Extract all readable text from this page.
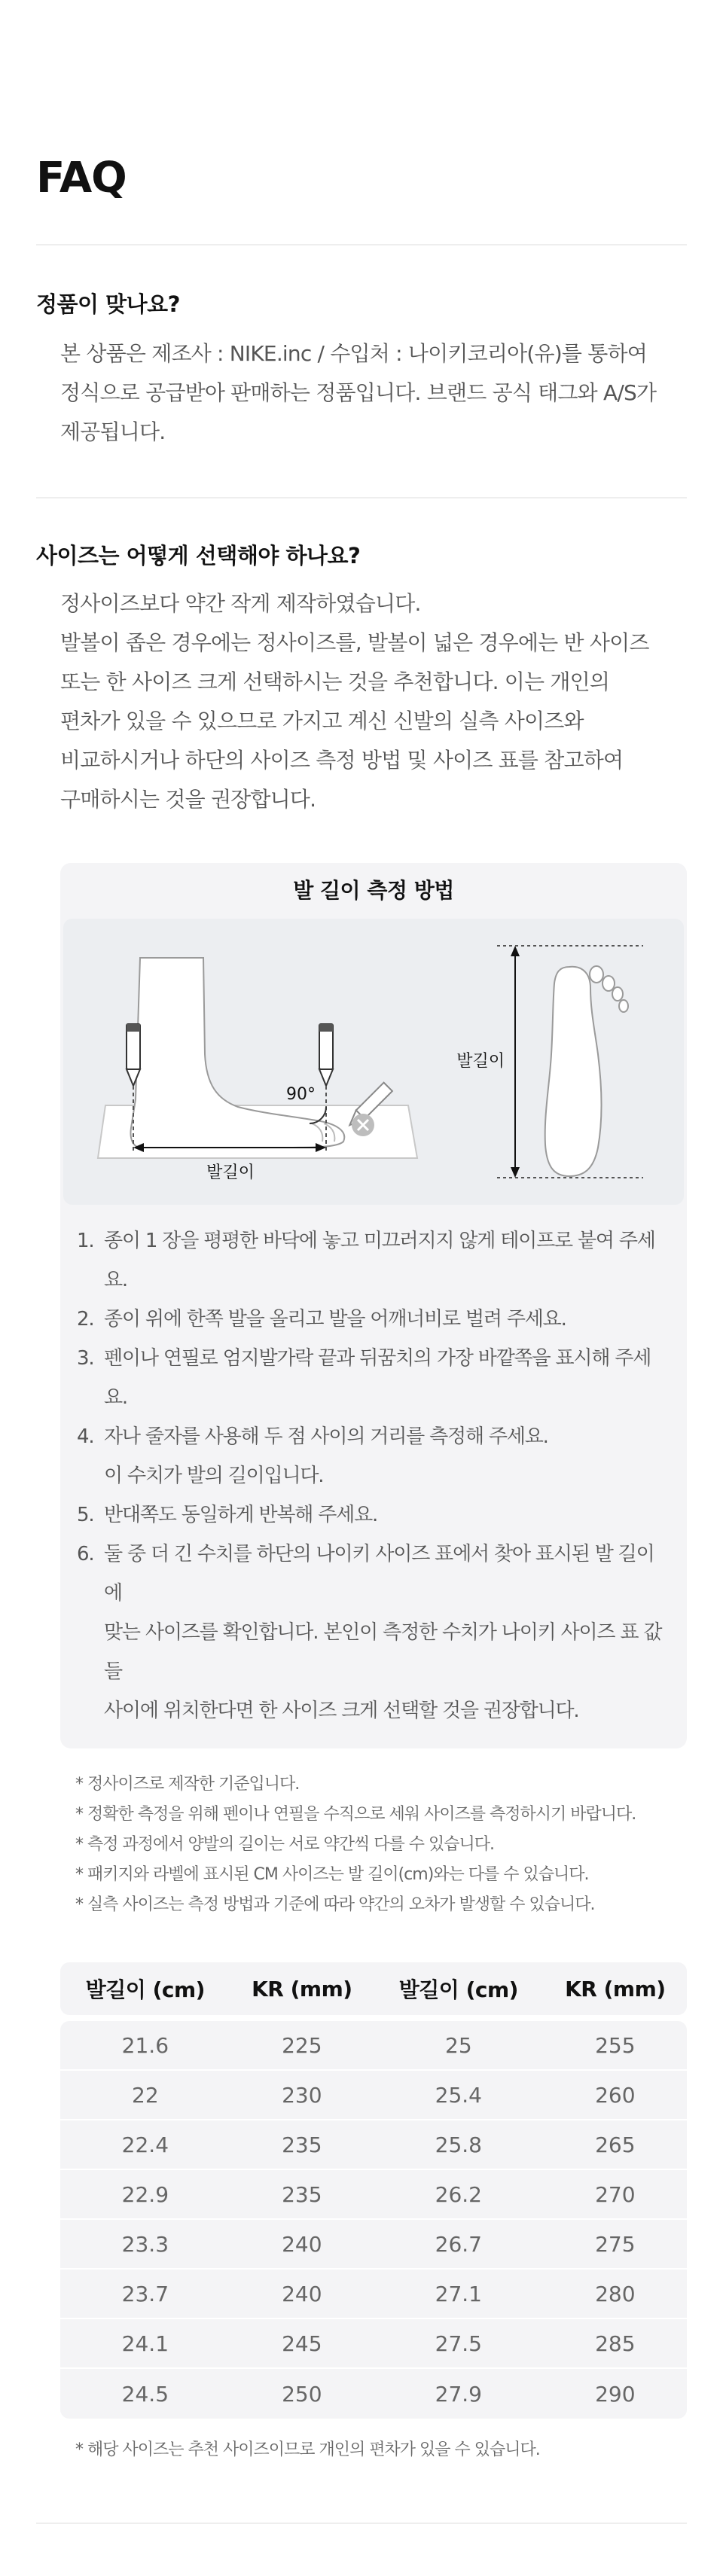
FAQ
정품이 맞나요?

본 상품은 제조사 : NIKE.inc / 수입처 : 나이키코리아(유)를 통하여

정식으로 공급받아 판매하는 정품입니다. 브랜드 공식 태그와 A/S가

제공됩니다.

사이즈는 어떻게 선택해야 하나요?

정사이즈보다 약간 작게 제작하였습니다.

발볼이 좁은 경우에는 정사이즈를, 발볼이 넓은 경우에는 반 사이즈

또는 한 사이즈 크게 선택하시는 것을 추천합니다. 이는 개인의

편차가 있을 수 있으므로 가지고 계신 신발의 실측 사이즈와

비교하시거나 하단의 사이즈 측정 방법 및 사이즈 표를 참고하여

구매하시는 것을 권장합니다.

발 길이 측정 방법
90°
발길이
발길이
1. 종이 1 장을 평평한 바닥에 놓고 미끄러지지 않게 테이프로 붙여 주세요.
2. 종이 위에 한쪽 발을 올리고 발을 어깨너비로 벌려 주세요.
3. 펜이나 연필로 엄지발가락 끝과 뒤꿈치의 가장 바깥쪽을 표시해 주세요.
4. 자나 줄자를 사용해 두 점 사이의 거리를 측정해 주세요.
이 수치가 발의 길이입니다.
5. 반대쪽도 동일하게 반복해 주세요.
6. 둘 중 더 긴 수치를 하단의 나이키 사이즈 표에서 찾아 표시된 발 길이에
맞는 사이즈를 확인합니다. 본인이 측정한 수치가 나이키 사이즈 표 값들
사이에 위치한다면 한 사이즈 크게 선택할 것을 권장합니다.
* 정사이즈로 제작한 기준입니다.
* 정확한 측정을 위해 펜이나 연필을 수직으로 세워 사이즈를 측정하시기 바랍니다.
* 측정 과정에서 양발의 길이는 서로 약간씩 다를 수 있습니다.
* 패키지와 라벨에 표시된 CM 사이즈는 발 길이(cm)와는 다를 수 있습니다.
* 실측 사이즈는 측정 방법과 기준에 따라 약간의 오차가 발생할 수 있습니다.
발길이 (cm)	KR (mm)	발길이 (cm)	KR (mm)

21.6	225	25	255
22	230	25.4	260
22.4	235	25.8	265
22.9	235	26.2	270
23.3	240	26.7	275
23.7	240	27.1	280
24.1	245	27.5	285
24.5	250	27.9	290
* 해당 사이즈는 추천 사이즈이므로 개인의 편차가 있을 수 있습니다.
